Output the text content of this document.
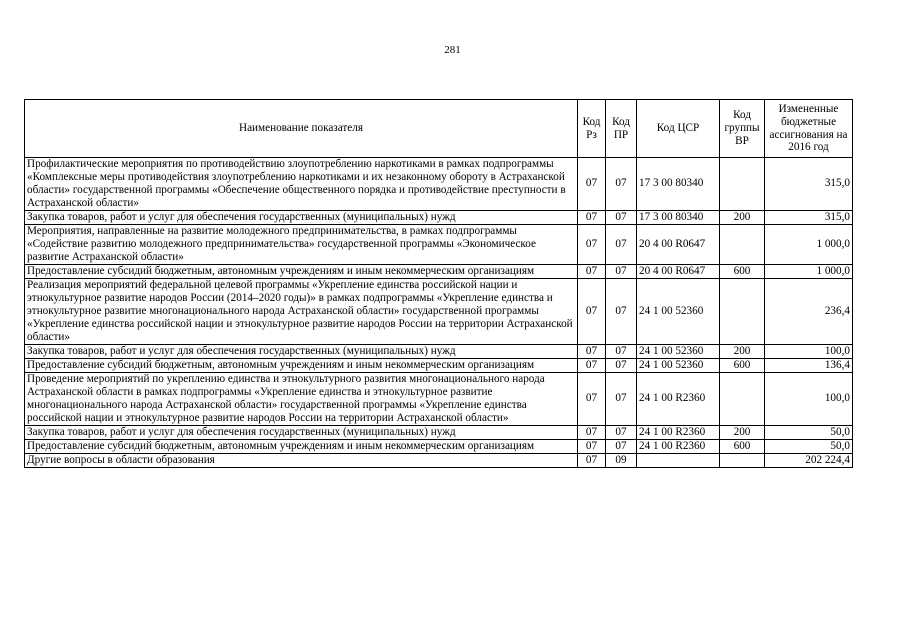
281
Наименование показателя	Код Рз	Код ПР	Код ЦСР	Код группы ВР	Измененные бюджетные ассигнования на 2016 год
Профилактические мероприятия по противодействию злоупотреблению наркотиками в рамках подпрограммы «Комплексные меры противодействия злоупотреблению наркотиками и их незаконному обороту в Астраханской области» государственной программы «Обеспечение общественного порядка и противодействие преступности в Астраханской области»	07	07	17 3 00 80340		315,0
Закупка товаров, работ и услуг для обеспечения государственных (муниципальных) нужд	07	07	17 3 00 80340	200	315,0
Мероприятия, направленные на развитие молодежного предпринимательства, в рамках подпрограммы «Содействие развитию молодежного предпринимательства» государственной программы «Экономическое развитие Астраханской области»	07	07	20 4 00 R0647		1 000,0
Предоставление субсидий бюджетным, автономным учреждениям и иным некоммерческим организациям	07	07	20 4 00 R0647	600	1 000,0
Реализация мероприятий федеральной целевой программы «Укрепление единства российской нации и этнокультурное развитие народов России (2014–2020 годы)» в рамках подпрограммы «Укрепление единства и этнокультурное развитие многонационального народа Астраханской области» государственной программы «Укрепление единства российской нации и этнокультурное развитие народов России на территории Астраханской области»	07	07	24 1 00 52360		236,4
Закупка товаров, работ и услуг для обеспечения государственных (муниципальных) нужд	07	07	24 1 00 52360	200	100,0
Предоставление субсидий бюджетным, автономным учреждениям и иным некоммерческим организациям	07	07	24 1 00 52360	600	136,4
Проведение мероприятий по укреплению единства и этнокультурного развития многонационального народа Астраханской области в рамках подпрограммы «Укрепление единства и этнокультурное развитие многонационального народа Астраханской области» государственной программы «Укрепление единства российской нации и этнокультурное развитие народов России на территории Астраханской области»	07	07	24 1 00 R2360		100,0
Закупка товаров, работ и услуг для обеспечения государственных (муниципальных) нужд	07	07	24 1 00 R2360	200	50,0
Предоставление субсидий бюджетным, автономным учреждениям и иным некоммерческим организациям	07	07	24 1 00 R2360	600	50,0
Другие вопросы в области образования	07	09			202 224,4
